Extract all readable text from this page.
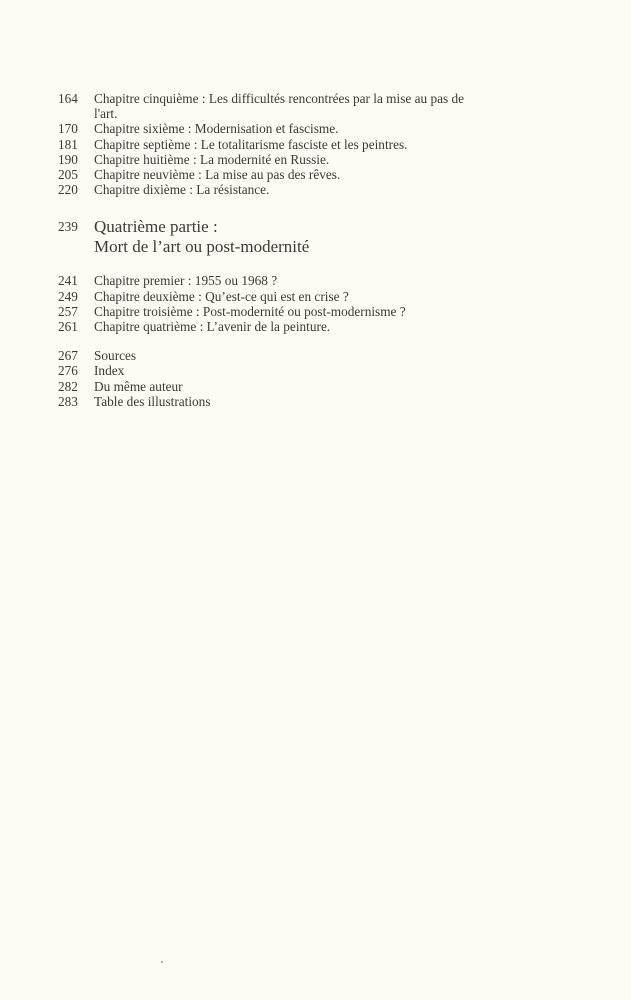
164	Chapitre cinquième : Les difficultés rencontrées par la mise au pas de
l'art.
170	Chapitre sixième : Modernisation et fascisme.
181	Chapitre septième : Le totalitarisme fasciste et les peintres.
190	Chapitre huitième : La modernité en Russie.
205	Chapitre neuvième : La mise au pas des rêves.
220	Chapitre dixième : La résistance.
239 Quatrième partie :
Mort de l’art ou post-modernité
241	Chapitre premier : 1955 ou 1968 ?
249	Chapitre deuxième : Qu’est-ce qui est en crise ?
257	Chapitre troisième : Post-modernité ou post-modernisme ?
261	Chapitre quatrième : L’avenir de la peinture.
267	Sources
276	Index
282	Du même auteur
283	Table des illustrations
